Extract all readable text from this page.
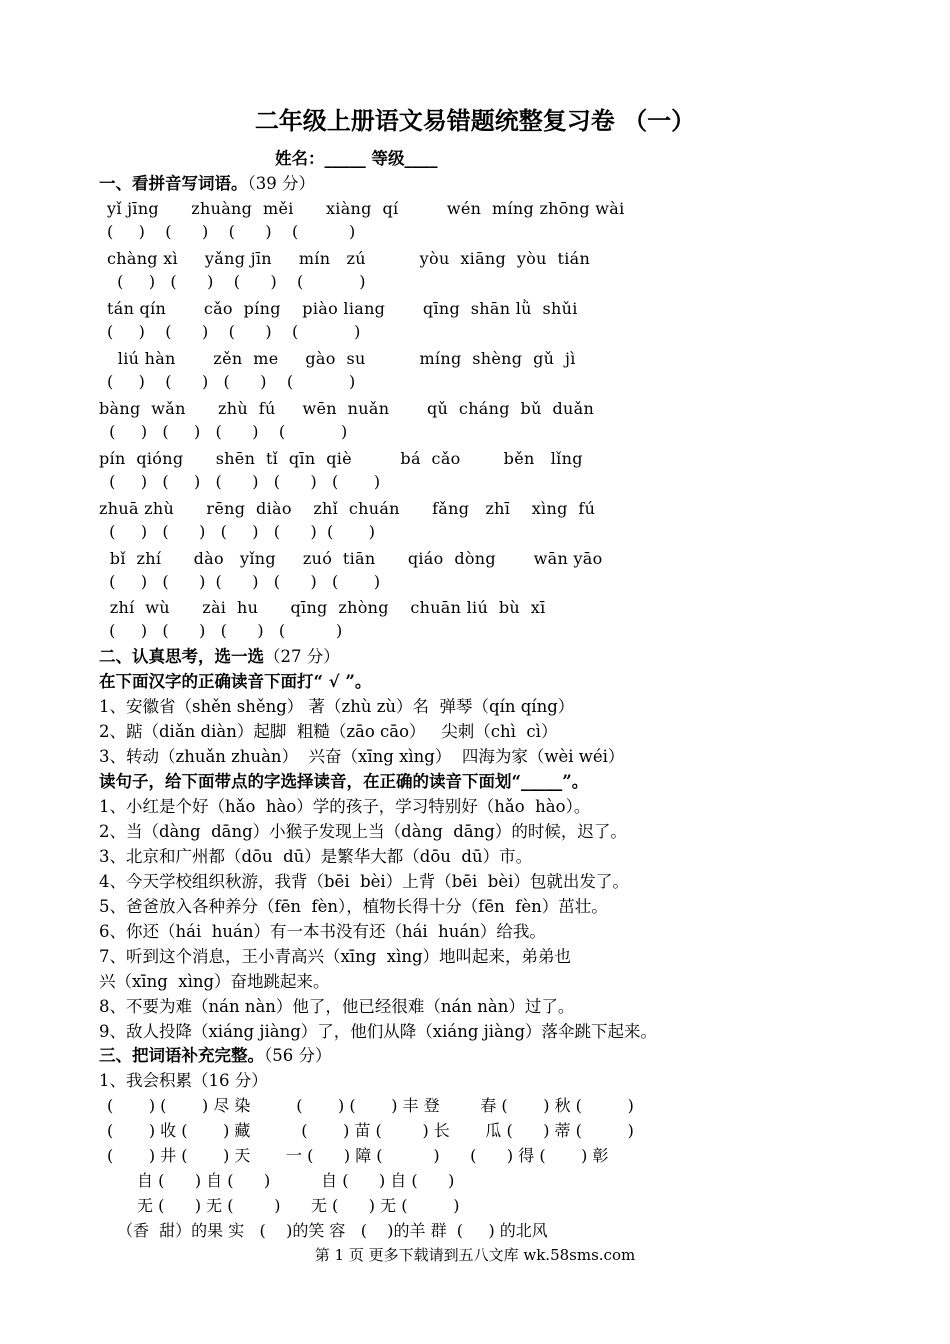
二年级上册语文易错题统整复习卷 （一）
姓名：_____ 等级____
一、看拼音写词语。（39 分）
yǐ jīng      zhuàng  měi      xiàng  qí         wén  míng zhōng wài
(     )    (      )    (      )    (          )
chàng xì     yǎng jīn     mín   zú          yòu  xiāng  yòu  tián
(     )   (      )    (      )    (           )
tán qín       cǎo  píng    piào liang       qīng  shān lǜ  shǔi
(     )    (      )    (      )    (           )
liú hàn       zěn  me     gào  su          míng  shèng  gǔ  jì
(     )    (      )   (      )    (           )
bàng  wǎn      zhù  fú     wēn  nuǎn       qǔ  cháng  bǔ  duǎn
(     )   (     )   (      )    (           )
pín  qióng      shēn  tǐ  qīn  qiè         bá  cǎo        běn   lǐng
(     )   (     )   (      )   (      )   (       )
zhuā zhù      rēng  diào    zhǐ  chuán      fǎng   zhī    xìng  fú
(     )   (      )   (     )   (      )  (       )
bǐ  zhí      dào   yǐng     zuó  tiān      qiáo  dòng       wān yāo
(     )   (      )  (      )   (      )   (       )
zhí  wù      zài  hu      qīng  zhòng    chuān liú  bù  xī
(     )   (      )   (      )   (          )
二、认真思考，选一选（27 分）
在下面汉字的正确读音下面打“ √ ”。
1、安徽省（shěn shěng） 著（zhù zù）名  弹琴（qín qíng）
2、踮（diǎn diàn）起脚  粗糙（zāo cāo）   尖刺（chì  cì）
3、转动（zhuǎn zhuàn）  兴奋（xīng xìng）  四海为家（wèi wéi）
读句子，给下面带点的字选择读音，在正确的读音下面划“_____”。
1、小红是个好（hǎo  hào）学的孩子，学习特别好（hǎo  hào）。
2、当（dàng  dāng）小猴子发现上当（dàng  dāng）的时候，迟了。
3、北京和广州都（dōu  dū）是繁华大都（dōu  dū）市。
4、今天学校组织秋游，我背（bēi  bèi）上背（bēi  bèi）包就出发了。
5、爸爸放入各种养分（fēn  fèn），植物长得十分（fēn  fèn）茁壮。
6、你还（hái  huán）有一本书没有还（hái  huán）给我。
7、听到这个消息，王小青高兴（xīng  xìng）地叫起来，弟弟也
兴（xīng  xìng）奋地跳起来。
8、不要为难（nán nàn）他了，他已经很难（nán nàn）过了。
9、敌人投降（xiáng jiàng）了，他们从降（xiáng jiàng）落伞跳下起来。
三、把词语补充完整。（56 分）
1、我会积累（16 分）
(       ) (       ) 尽 染         (       ) (       ) 丰 登        春 (       ) 秋 (         )
(       ) 收 (       ) 藏          (       ) 苗 (        ) 长       瓜 (      ) 蒂 (         )
(       ) 井 (       ) 天       一 (      ) 障 (          )      (      ) 得 (       ) 彰
自 (      ) 自 (      )          自 (      ) 自 (      )
无 (      ) 无 (        )      无 (      ) 无 (         )
（香  甜）的果 实   (    )的笑 容   (    )的羊 群  (     ) 的北风
第 1 页 更多下载请到五八文库 wk.58sms.com
